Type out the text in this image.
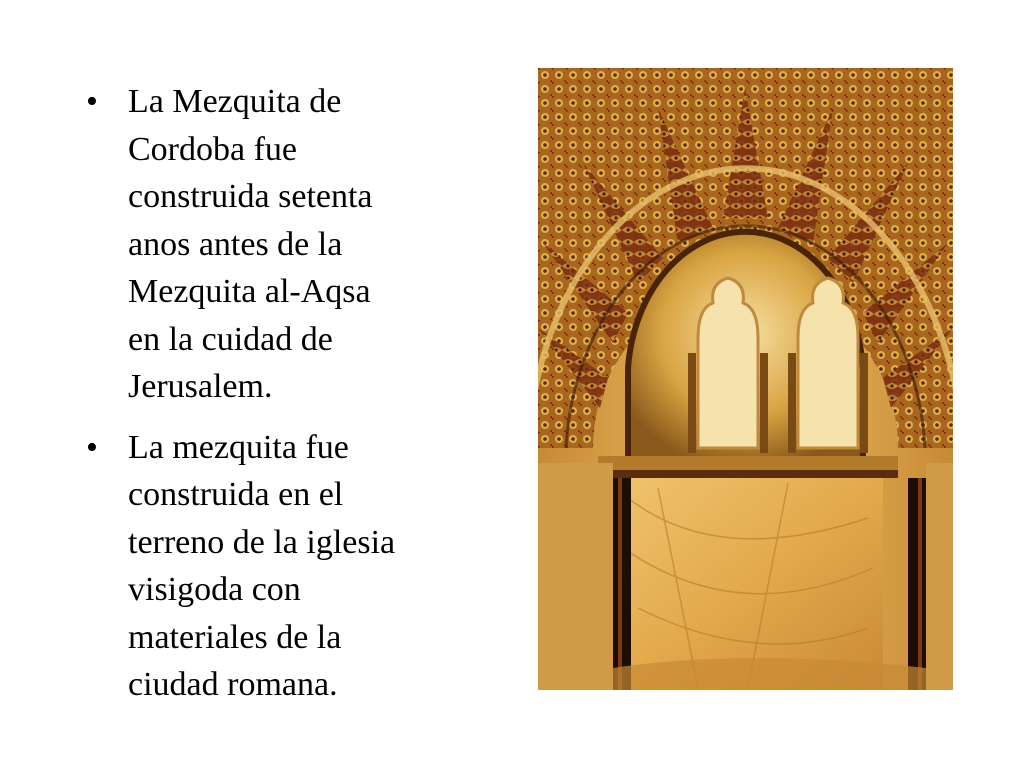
• La Mezquita de
Cordoba fue
construida setenta
anos antes de la
Mezquita al-Aqsa
en la cuidad de
Jerusalem.
• La mezquita fue
construida en el
terreno de la iglesia
visigoda con
materiales de la
ciudad romana.
